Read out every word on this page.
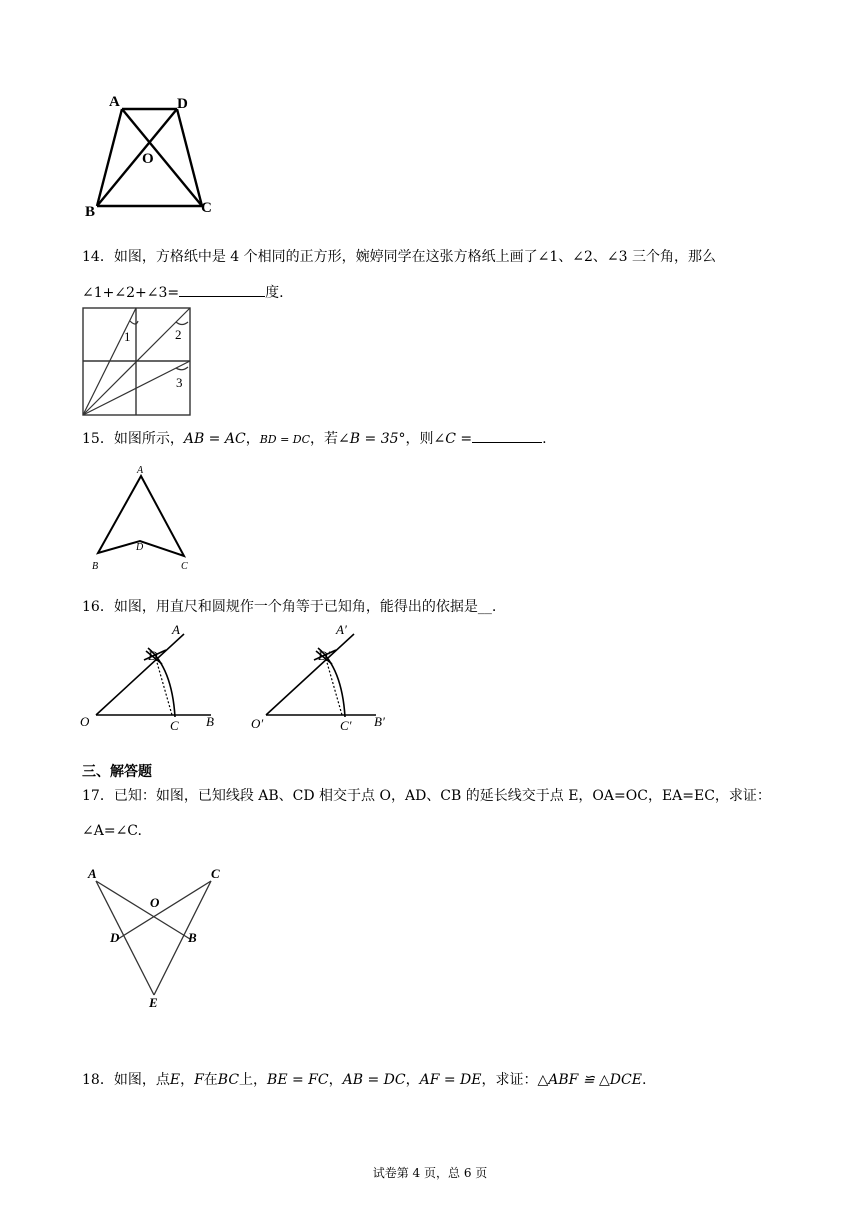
A	D
O
B	C
14．如图，方格纸中是 4 个相同的正方形，婉婷同学在这张方格纸上画了∠1、∠2、∠3 三个角，那么
∠1+∠2+∠3=	度.
1	2
3
15．如图所示，AB = AC，BD = DC，若∠B = 35°，则∠C =	.
A
D
B	C
16．如图，用直尺和圆规作一个角等于已知角，能得出的依据是__.
A
D
O	C B
A′
D′
O′	C′ B′
三、解答题
17．已知：如图，已知线段 AB、CD 相交于点 O，AD、CB 的延长线交于点 E，OA=OC，EA=EC，求证：
∠A=∠C.
A	C
O
D	B
E
18．如图，点E，F在BC上，BE = FC，AB = DC，AF = DE，求证：△ABF ≌ △DCE.
试卷第 4 页，总 6 页
